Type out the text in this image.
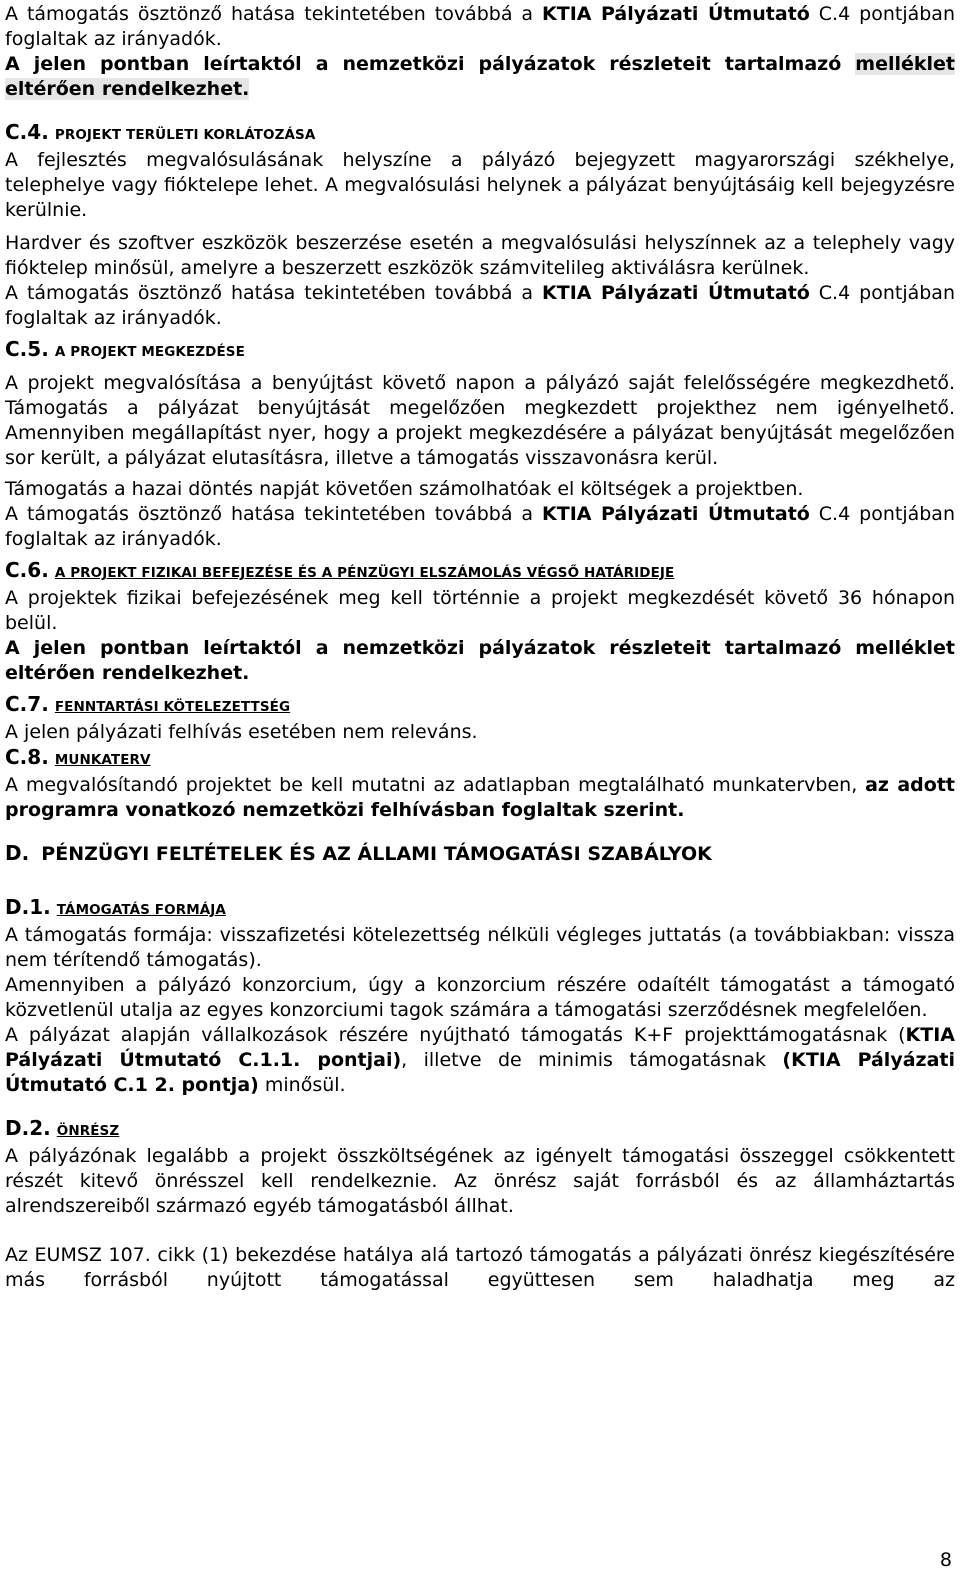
A támogatás ösztönző hatása tekintetében továbbá a KTIA Pályázati Útmutató C.4 pontjában foglaltak az irányadók.

A jelen pontban leírtaktól a nemzetközi pályázatok részleteit tartalmazó melléklet eltérően rendelkezhet.

C.4. PROJEKT TERÜLETI KORLÁTOZÁSA

A fejlesztés megvalósulásának helyszíne a pályázó bejegyzett magyarországi székhelye, telephelye vagy fióktelepe lehet. A megvalósulási helynek a pályázat benyújtásáig kell bejegyzésre kerülnie.

Hardver és szoftver eszközök beszerzése esetén a megvalósulási helyszínnek az a telephely vagy fióktelep minősül, amelyre a beszerzett eszközök számvitelileg aktiválásra kerülnek.

A támogatás ösztönző hatása tekintetében továbbá a KTIA Pályázati Útmutató C.4 pontjában foglaltak az irányadók.

C.5. A PROJEKT MEGKEZDÉSE

A projekt megvalósítása a benyújtást követő napon a pályázó saját felelősségére megkezdhető. Támogatás a pályázat benyújtását megelőzően megkezdett projekthez nem igényelhető. Amennyiben megállapítást nyer, hogy a projekt megkezdésére a pályázat benyújtását megelőzően sor került, a pályázat elutasításra, illetve a támogatás visszavonásra kerül.

Támogatás a hazai döntés napját követően számolhatóak el költségek a projektben.

A támogatás ösztönző hatása tekintetében továbbá a KTIA Pályázati Útmutató C.4 pontjában foglaltak az irányadók.

C.6. A PROJEKT FIZIKAI BEFEJEZÉSE ÉS A PÉNZÜGYI ELSZÁMOLÁS VÉGSŐ HATÁRIDEJE

A projektek fizikai befejezésének meg kell történnie a projekt megkezdését követő 36 hónapon belül.

A jelen pontban leírtaktól a nemzetközi pályázatok részleteit tartalmazó melléklet eltérően rendelkezhet.

C.7. FENNTARTÁSI KÖTELEZETTSÉG

A jelen pályázati felhívás esetében nem releváns.

C.8. MUNKATERV

A megvalósítandó projektet be kell mutatni az adatlapban megtalálható munkatervben, az adott programra vonatkozó nemzetközi felhívásban foglaltak szerint.

D. PÉNZÜGYI FELTÉTELEK ÉS AZ ÁLLAMI TÁMOGATÁSI SZABÁLYOK
D.1. TÁMOGATÁS FORMÁJA

A támogatás formája: visszafizetési kötelezettség nélküli végleges juttatás (a továbbiakban: vissza nem térítendő támogatás).

Amennyiben a pályázó konzorcium, úgy a konzorcium részére odaítélt támogatást a támogató közvetlenül utalja az egyes konzorciumi tagok számára a támogatási szerződésnek megfelelően.

A pályázat alapján vállalkozások részére nyújtható támogatás K+F projekttámogatásnak (KTIA Pályázati Útmutató C.1.1. pontjai), illetve de minimis támogatásnak (KTIA Pályázati Útmutató C.1 2. pontja) minősül.

D.2. ÖNRÉSZ

A pályázónak legalább a projekt összköltségének az igényelt támogatási összeggel csökkentett részét kitevő önrésszel kell rendelkeznie. Az önrész saját forrásból és az államháztartás alrendszereiből származó egyéb támogatásból állhat.

Az EUMSZ 107. cikk (1) bekezdése hatálya alá tartozó támogatás a pályázati önrész kiegészítésére más forrásból nyújtott támogatással együttesen sem haladhatja meg az

8
